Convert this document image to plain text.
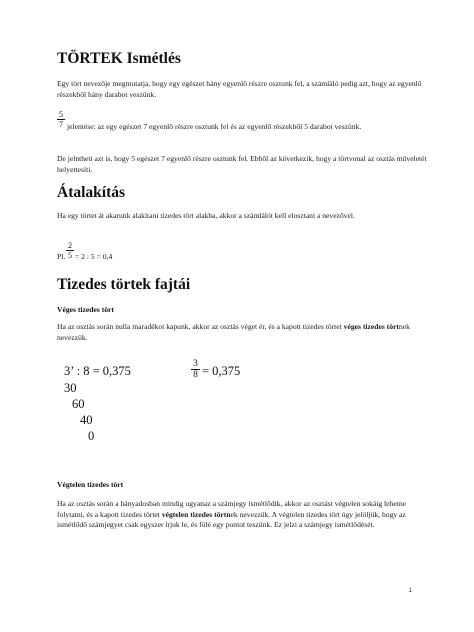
TÖRTEK Ismétlés

Egy tört nevezője megmutatja, hogy egy egészet hány egyenlő részre osztunk fel, a számláló pedig azt, hogy az egyenlő részekből hány darabot veszünk.

5
7 jelentése: az egy egészet 7 egyenlő részre osztunk fel és az egyenlő részekből 5 darabot veszünk.

De jelntheti azt is, hogy 5 egészet 7 egyenlő részre osztunk fel. Ebből az következik, hogy a törtvonal az osztás műveletét helyettesíti.

Átalakítás

Ha egy törtet át akarunk alakítani tizedes tört alakba, akkor a számlálót kell elosztani a nevezővel.

2
5
Pl. = 2 : 5 = 0,4
Tizedes törtek fajtái

Véges tizedes tört

Ha az osztás során nulla maradékot kapunk, akkor az osztás véget ér, és a kapott tizedes törtet véges tizedes törtnek nevezzük.

3’ : 8 = 0,375
30
60
40
0
3
8 = 0,375

Végtelen tizedes tört

Ha az osztás során a hányadosban mindig ugyanaz a számjegy ismétlődik, akkor az osztást végtelen sokáig lehetne folytatni, és a kapott tizedes törtet végtelen tizedes törtnek nevezzük. A végtelen tizedes tört úgy jelöljük, hogy az ismétlődő számjegyet csak egyszer írjuk le, és fölé egy pontot teszünk. Ez jelzi a számjegy ismétlődését.

1
